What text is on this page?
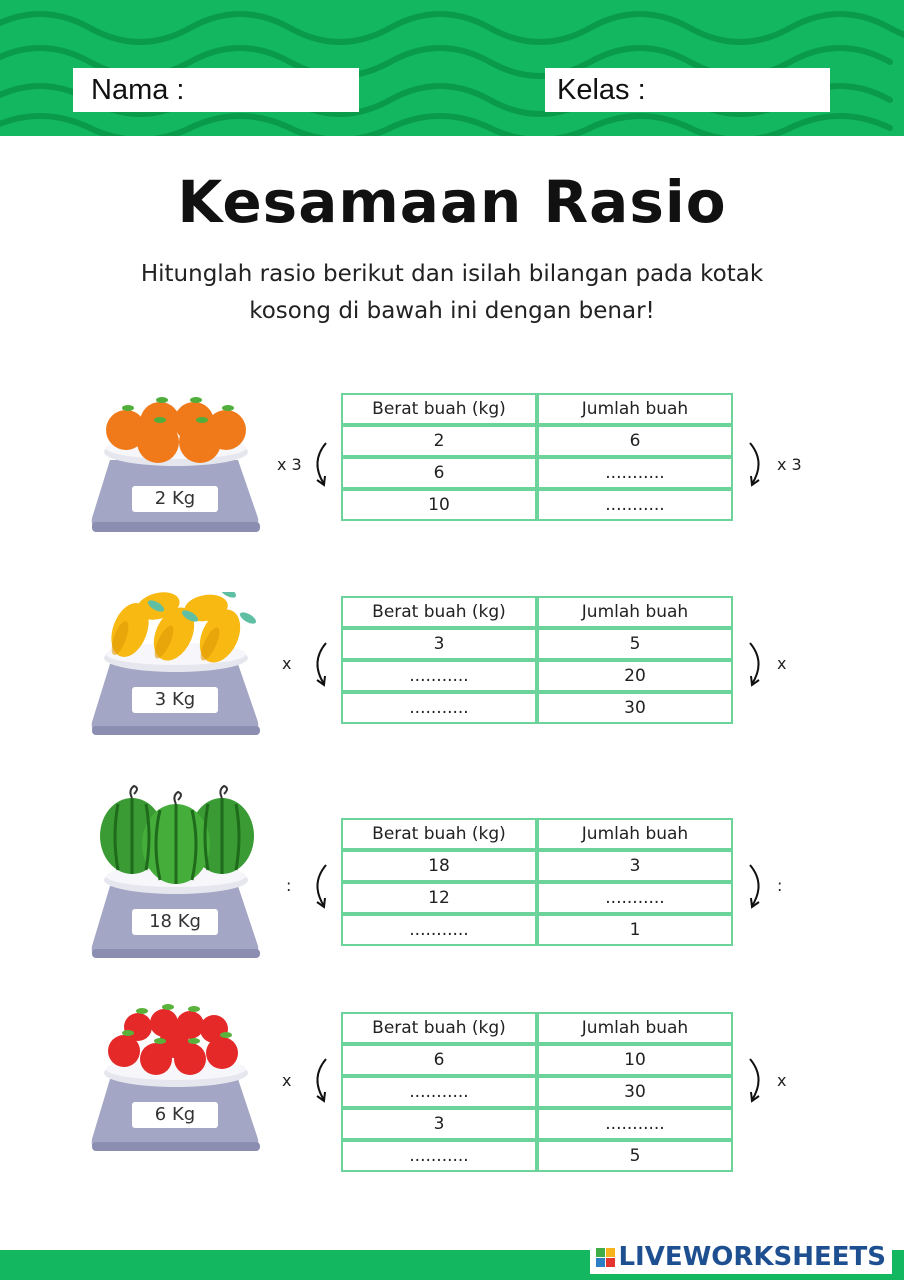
Nama :	Kelas :
Kesamaan Rasio
Hitunglah rasio berikut dan isilah bilangan pada kotak
kosong di bawah ini dengan benar!
2 Kg
x 3
Berat buah (kg)	Jumlah buah
2	6
6	...........
10	...........
x 3
3 Kg
x
Berat buah (kg)	Jumlah buah
3	5
...........	20
...........	30
x
18 Kg
:
Berat buah (kg)	Jumlah buah
18	3
12	...........
...........	1
:
6 Kg
x
Berat buah (kg)	Jumlah buah
6	10
...........	30
3	...........
...........	5
x
LIVEWORKSHEETS
